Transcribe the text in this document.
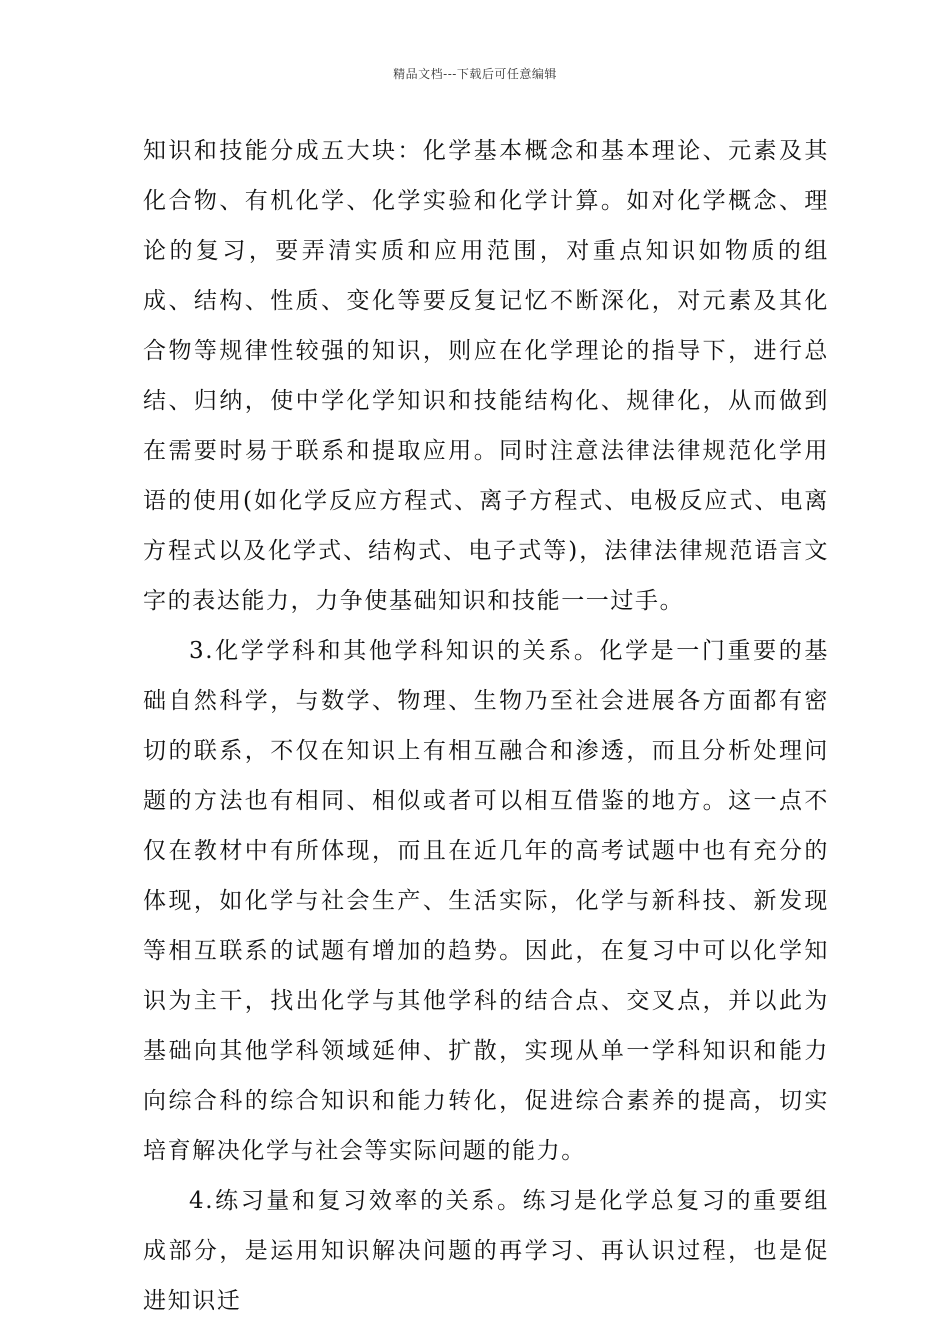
精品文档---下载后可任意编辑

知识和技能分成五大块：化学基本概念和基本理论、元素及其化合物、有机化学、化学实验和化学计算。如对化学概念、理论的复习，要弄清实质和应用范围，对重点知识如物质的组成、结构、性质、变化等要反复记忆不断深化，对元素及其化合物等规律性较强的知识，则应在化学理论的指导下，进行总结、归纳，使中学化学知识和技能结构化、规律化，从而做到在需要时易于联系和提取应用。同时注意法律法律规范化学用语的使用(如化学反应方程式、离子方程式、电极反应式、电离方程式以及化学式、结构式、电子式等)，法律法律规范语言文字的表达能力，力争使基础知识和技能一一过手。

3.化学学科和其他学科知识的关系。化学是一门重要的基础自然科学，与数学、物理、生物乃至社会进展各方面都有密切的联系，不仅在知识上有相互融合和渗透，而且分析处理问题的方法也有相同、相似或者可以相互借鉴的地方。这一点不仅在教材中有所体现，而且在近几年的高考试题中也有充分的体现，如化学与社会生产、生活实际，化学与新科技、新发现等相互联系的试题有增加的趋势。因此，在复习中可以化学知识为主干，找出化学与其他学科的结合点、交叉点，并以此为基础向其他学科领域延伸、扩散，实现从单一学科知识和能力向综合科的综合知识和能力转化，促进综合素养的提高，切实培育解决化学与社会等实际问题的能力。

4.练习量和复习效率的关系。练习是化学总复习的重要组成部分，是运用知识解决问题的再学习、再认识过程，也是促进知识迁
